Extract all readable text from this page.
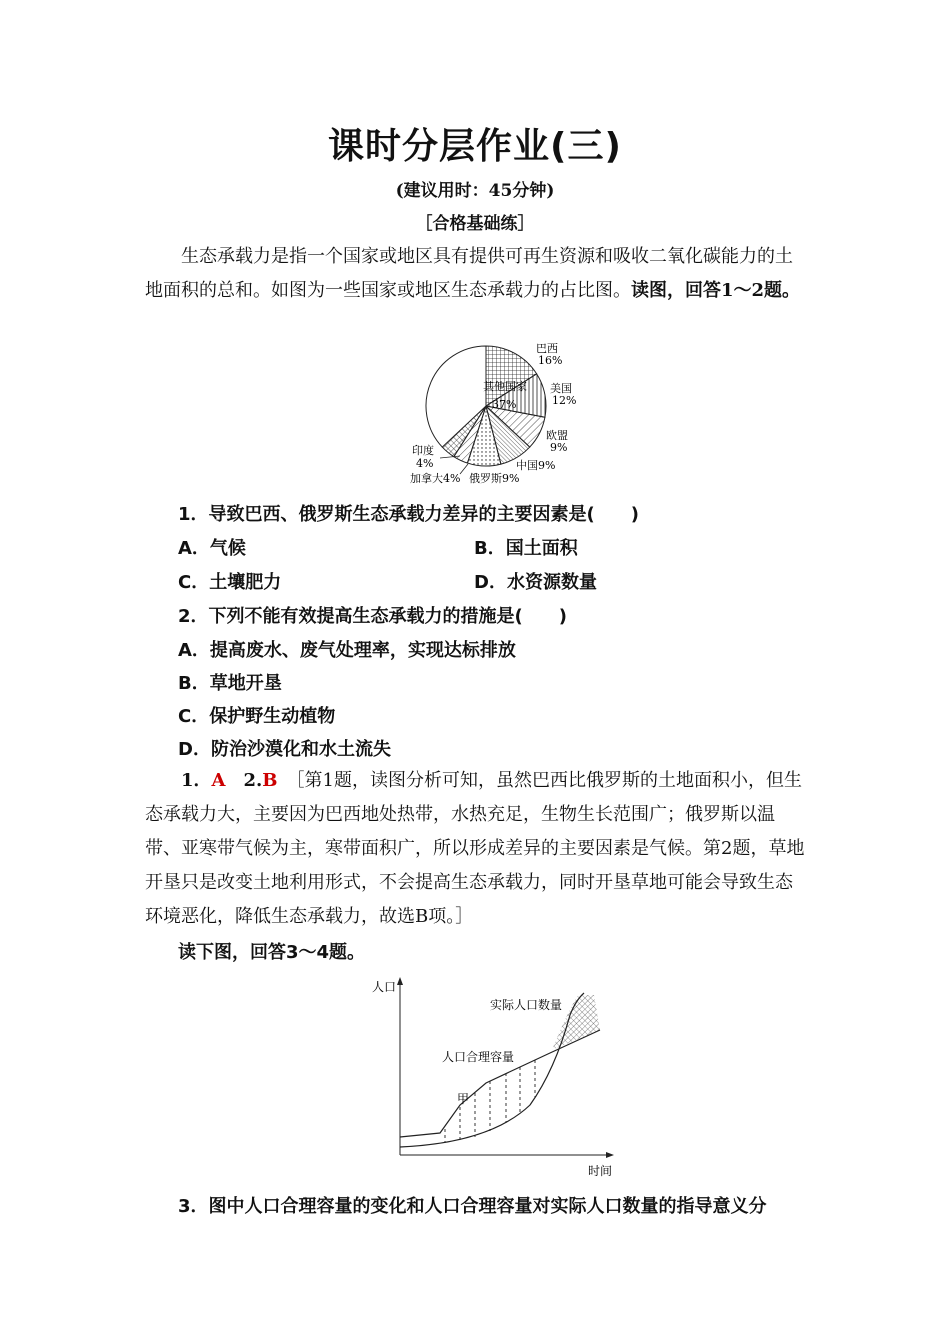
课时分层作业(三)
(建议用时：45分钟)
［合格基础练］
生态承载力是指一个国家或地区具有提供可再生资源和吸收二氧化碳能力的土地面积的总和。如图为一些国家或地区生态承载力的占比图。读图，回答1～2题。
其他国家
37%
巴西
16%
美国
12%
欧盟
9%
中国9%
俄罗斯9%
加拿大4%
印度
4%
1．导致巴西、俄罗斯生态承载力差异的主要因素是(　　)
A．气候	B．国土面积
C．土壤肥力	D．水资源数量
2．下列不能有效提高生态承载力的措施是(　　)
A．提高废水、废气处理率，实现达标排放
B．草地开垦
C．保护野生动植物
D．防治沙漠化和水土流失
1．A　 2.B　 ［第1题，读图分析可知，虽然巴西比俄罗斯的土地面积小，但生态承载力大，主要因为巴西地处热带，水热充足，生物生长范围广；俄罗斯以温带、亚寒带气候为主，寒带面积广，所以形成差异的主要因素是气候。第2题，草地开垦只是改变土地利用形式，不会提高生态承载力，同时开垦草地可能会导致生态环境恶化，降低生态承载力，故选B项。］
读下图，回答3～4题。
人口
时间
实际人口数量
人口合理容量
甲
3．图中人口合理容量的变化和人口合理容量对实际人口数量的指导意义分
